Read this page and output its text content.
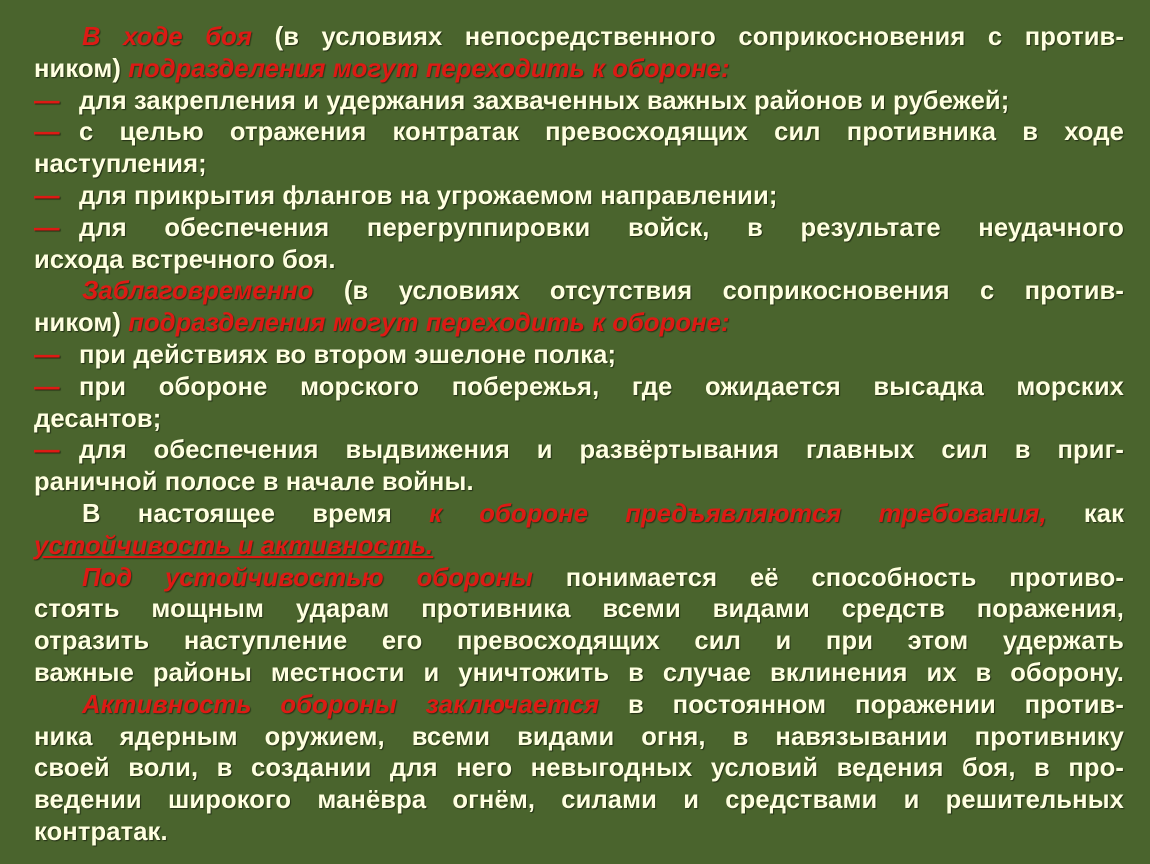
В ходе боя (в условиях непосредственного соприкосновения с против-
ником) подразделения могут переходить к обороне:
—для закрепления и удержания захваченных важных районов и рубежей;
—с целью отражения контратак превосходящих сил противника в ходе
наступления;
—для прикрытия флангов на угрожаемом направлении;
—для обеспечения перегруппировки войск, в результате неудачного
исхода встречного боя.
Заблаговременно (в условиях отсутствия соприкосновения с против-
ником) подразделения могут переходить к обороне:
—при действиях во втором эшелоне полка;
—при обороне морского побережья, где ожидается высадка морских
десантов;
—для обеспечения выдвижения и развёртывания главных сил в приг-
раничной полосе в начале войны.
В настоящее время к обороне предъявляются требования, как
устойчивость и активность.
Под устойчивостью обороны понимается её способность противо-
стоять мощным ударам противника всеми видами средств поражения,
отразить наступление его превосходящих сил и при этом удержать
важные районы местности и уничтожить в случае вклинения их в оборону.
Активность обороны заключается в постоянном поражении против-
ника ядерным оружием, всеми видами огня, в навязывании противнику
своей воли, в создании для него невыгодных условий ведения боя, в про-
ведении широкого манёвра огнём, силами и средствами и решительных
контратак.
